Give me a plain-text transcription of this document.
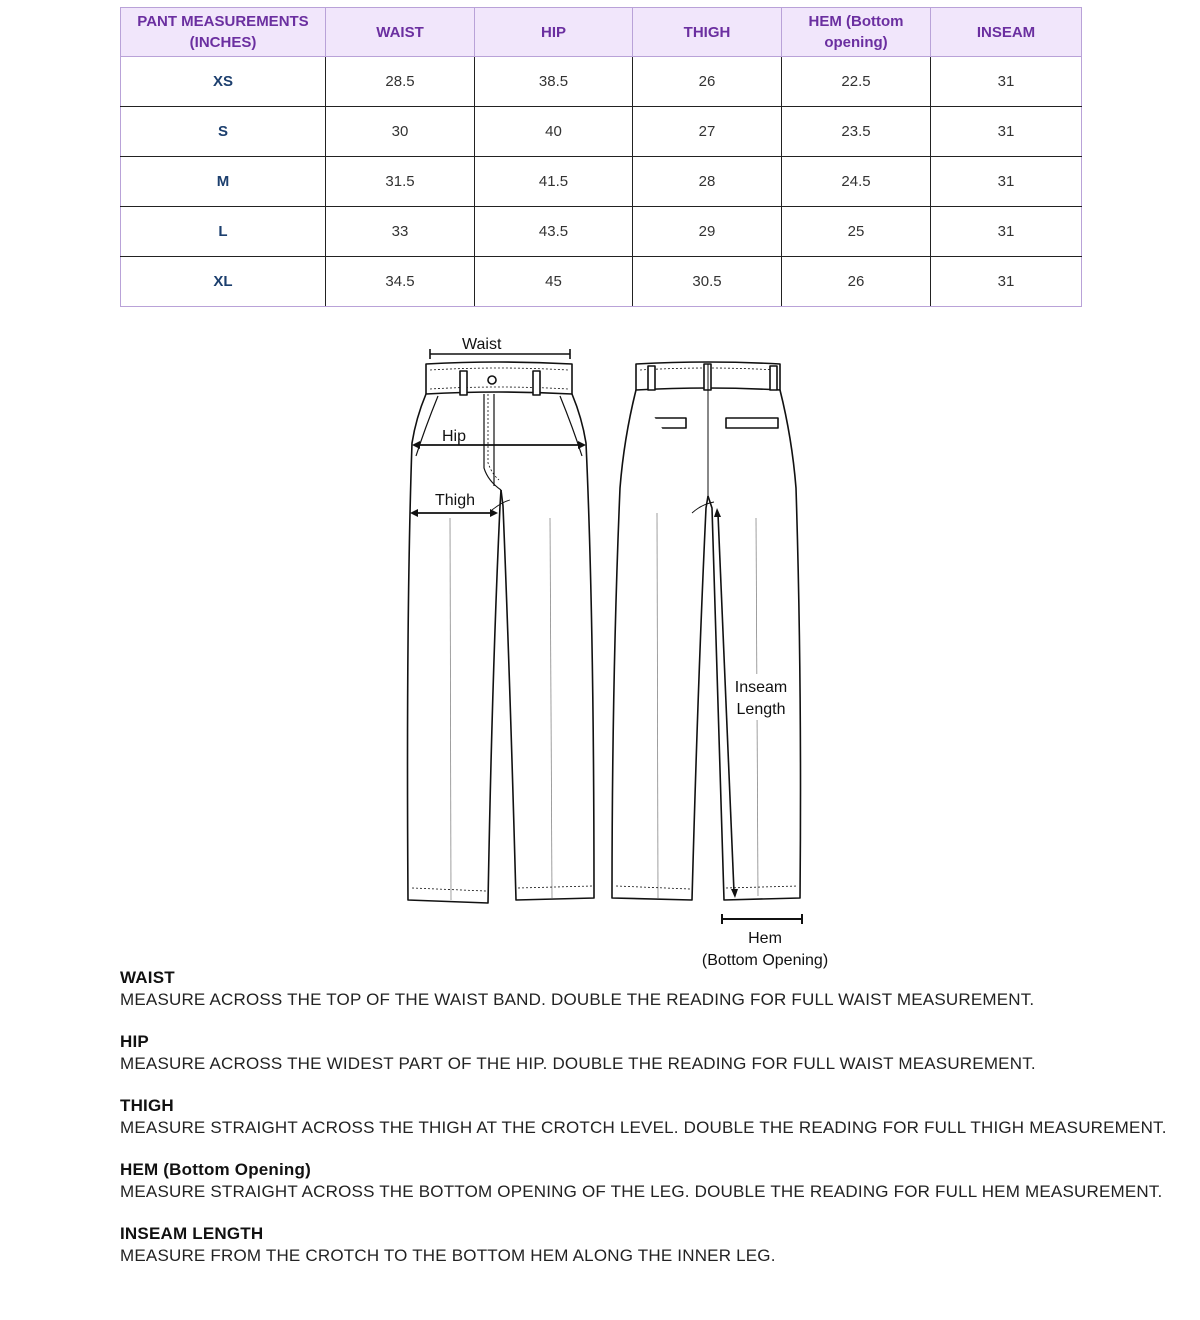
PANT MEASUREMENTS (INCHES)	WAIST	HIP	THIGH	HEM (Bottom opening)	INSEAM
XS	28.5	38.5	26	22.5	31
S	30	40	27	23.5	31
M	31.5	41.5	28	24.5	31
L	33	43.5	29	25	31
XL	34.5	45	30.5	26	31
Waist
Hip
Thigh
Inseam
Length
Hem
(Bottom Opening)
WAIST
MEASURE ACROSS THE TOP OF THE WAIST BAND. DOUBLE THE READING FOR FULL WAIST MEASUREMENT.
HIP
MEASURE ACROSS THE WIDEST PART OF THE HIP. DOUBLE THE READING FOR FULL WAIST MEASUREMENT.
THIGH
MEASURE STRAIGHT ACROSS THE THIGH AT THE CROTCH LEVEL. DOUBLE THE READING FOR FULL THIGH MEASUREMENT.
HEM (Bottom Opening)
MEASURE STRAIGHT ACROSS THE BOTTOM OPENING OF THE LEG. DOUBLE THE READING FOR FULL HEM MEASUREMENT.
INSEAM LENGTH
MEASURE FROM THE CROTCH TO THE BOTTOM HEM ALONG THE INNER LEG.
